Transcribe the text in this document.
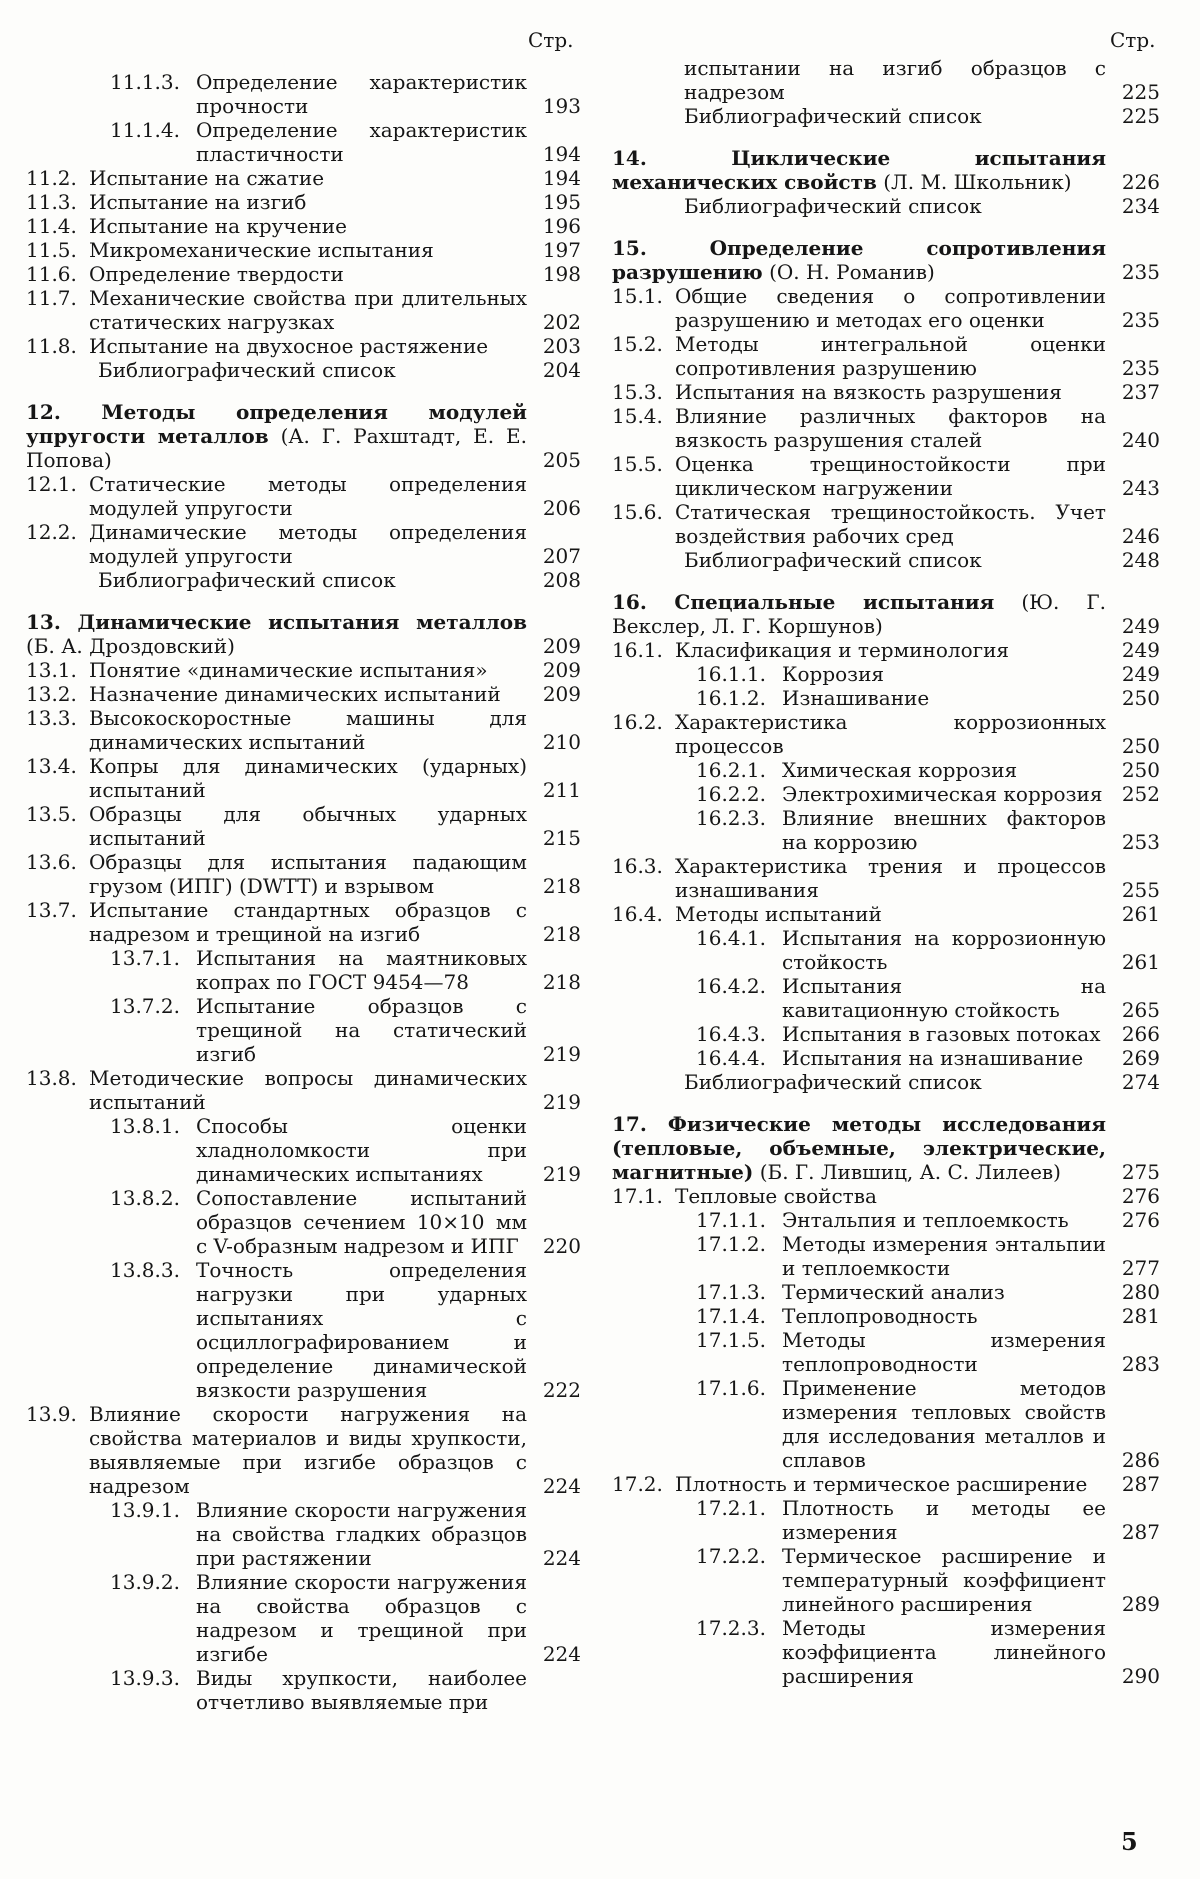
Стр.
11.1.3. Определение характеристик прочности	193
11.1.4. Определение характеристик пластичности	194
11.2. Испытание на сжатие	194
11.3. Испытание на изгиб	195
11.4. Испытание на кручение	196
11.5. Микромеханические испытания	197
11.6. Определение твердости	198
11.7. Механические свойства при длительных статических нагрузках	202
11.8. Испытание на двухосное растяжение	203
Библиографический список	204
12. Методы определения модулей упругости металлов (А. Г. Рахштадт, Е. Е. Попова)	205
12.1. Статические методы определения модулей упругости	206
12.2. Динамические методы определения модулей упругости	207
Библиографический список	208
13. Динамические испытания металлов (Б. А. Дроздовский)	209
13.1. Понятие «динамические испытания»	209
13.2. Назначение динамических испытаний	209
13.3. Высокоскоростные машины для динамических испытаний	210
13.4. Копры для динамических (ударных) испытаний	211
13.5. Образцы для обычных ударных испытаний	215
13.6. Образцы для испытания падающим грузом (ИПГ) (DWTT) и взрывом	218
13.7. Испытание стандартных образцов с надрезом и трещиной на изгиб	218
13.7.1. Испытания на маятниковых копрах по ГОСТ 9454—78	218
13.7.2. Испытание образцов с трещиной на статический изгиб	219
13.8. Методические вопросы динамических испытаний	219
13.8.1. Способы оценки хладноломкости при динамических испытаниях	219
13.8.2. Сопоставление испытаний образцов сечением 10×10 мм с V-образным надрезом и ИПГ	220
13.8.3. Точность определения нагрузки при ударных испытаниях с осциллографированием и определение динамической вязкости разрушения	222
13.9. Влияние скорости нагружения на свойства материалов и виды хрупкости, выявляемые при изгибе образцов с надрезом	224
13.9.1. Влияние скорости нагружения на свойства гладких образцов при растяжении	224
13.9.2. Влияние скорости нагружения на свойства образцов с надрезом и трещиной при изгибе	224
13.9.3. Виды хрупкости, наиболее отчетливо выявляемые при
Стр.
испытании на изгиб образцов с надрезом	225
Библиографический список	225
14. Циклические испытания механических свойств (Л. М. Школьник)	226
Библиографический список	234
15. Определение сопротивления разрушению (О. Н. Романив)	235
15.1. Общие сведения о сопротивлении разрушению и методах его оценки	235
15.2. Методы интегральной оценки сопротивления разрушению	235
15.3. Испытания на вязкость разрушения	237
15.4. Влияние различных факторов на вязкость разрушения сталей	240
15.5. Оценка трещиностойкости при циклическом нагружении	243
15.6. Статическая трещиностойкость. Учет воздействия рабочих сред	246
Библиографический список	248
16. Специальные испытания (Ю. Г. Векслер, Л. Г. Коршунов)	249
16.1. Класификация и терминология	249
16.1.1. Коррозия	249
16.1.2. Изнашивание	250
16.2. Характеристика коррозионных процессов	250
16.2.1. Химическая коррозия	250
16.2.2. Электрохимическая коррозия 252
16.2.3. Влияние внешних факторов на коррозию	253
16.3. Характеристика трения и процессов изнашивания	255
16.4. Методы испытаний	261
16.4.1. Испытания на коррозионную стойкость	261
16.4.2. Испытания на кавитационную стойкость	265
16.4.3. Испытания в газовых потоках	266
16.4.4. Испытания на изнашивание	269
Библиографический список	274
17. Физические методы исследования (тепловые, объемные, электрические, магнитные) (Б. Г. Лившиц, А. С. Лилеев)	275
17.1. Тепловые свойства	276
17.1.1. Энтальпия и теплоемкость	276
17.1.2. Методы измерения энтальпии и теплоемкости	277
17.1.3. Термический анализ	280
17.1.4. Теплопроводность	281
17.1.5. Методы измерения теплопроводности	283
17.1.6. Применение методов измерения тепловых свойств для исследования металлов и сплавов	286
17.2. Плотность и термическое расширение	287
17.2.1. Плотность и методы ее измерения	287
17.2.2. Термическое расширение и температурный коэффициент линейного расширения	289
17.2.3. Методы измерения коэффициента линейного расширения	290
5
